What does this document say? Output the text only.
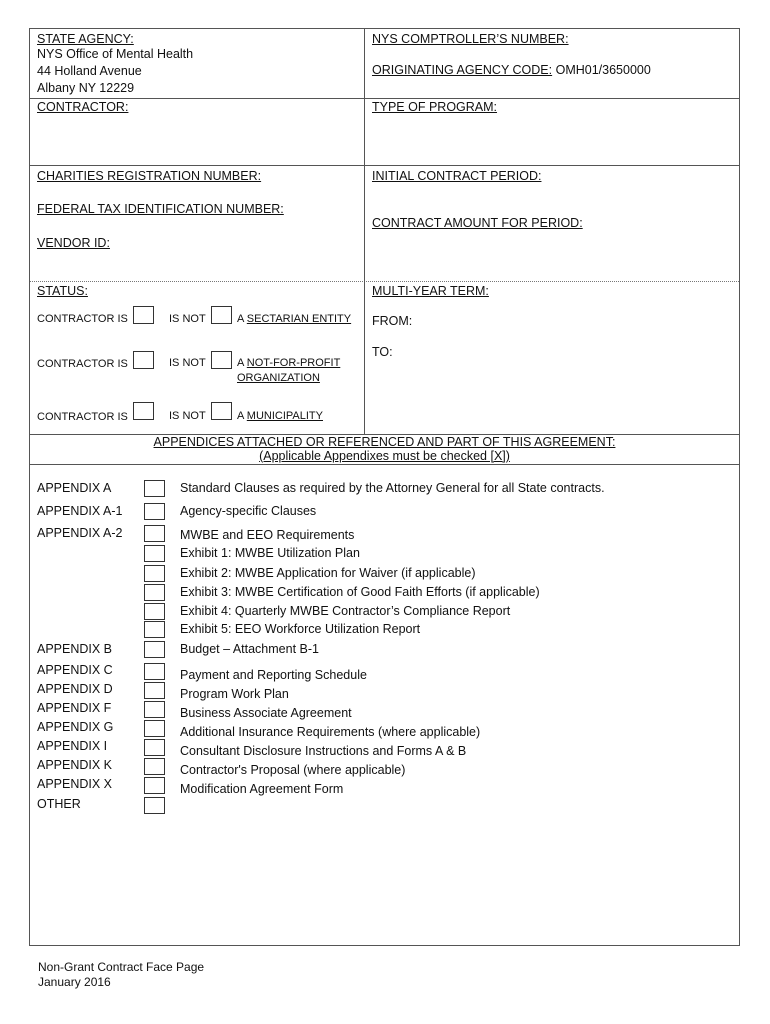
STATE AGENCY:
NYS Office of Mental Health
44 Holland Avenue
Albany NY 12229
CONTRACTOR:
NYS COMPTROLLER’S NUMBER:
ORIGINATING AGENCY CODE: OMH01/3650000
TYPE OF PROGRAM:
CHARITIES REGISTRATION NUMBER:
FEDERAL TAX IDENTIFICATION NUMBER:
VENDOR ID:
INITIAL CONTRACT PERIOD:
CONTRACT AMOUNT FOR PERIOD:
STATUS:
CONTRACTOR IS	IS NOT	A SECTARIAN ENTITY
CONTRACTOR IS	IS NOT	A NOT-FOR-PROFIT
ORGANIZATION
CONTRACTOR IS	IS NOT	A MUNICIPALITY
MULTI-YEAR TERM:
FROM:
TO:
APPENDICES ATTACHED OR REFERENCED AND PART OF THIS AGREEMENT:
(Applicable Appendixes must be checked [X])
APPENDIX A	Standard Clauses as required by the Attorney General for all State contracts.
APPENDIX A-1	Agency-specific Clauses
APPENDIX A-2	MWBE and EEO Requirements
Exhibit 1: MWBE Utilization Plan
Exhibit 2: MWBE Application for Waiver (if applicable)
Exhibit 3: MWBE Certification of Good Faith Efforts (if applicable)
Exhibit 4: Quarterly MWBE Contractor’s Compliance Report
Exhibit 5: EEO Workforce Utilization Report
APPENDIX B	Budget – Attachment B-1
APPENDIX C	Payment and Reporting Schedule
APPENDIX D	Program Work Plan
APPENDIX F	Business Associate Agreement
APPENDIX G	Additional Insurance Requirements (where applicable)
APPENDIX I	Consultant Disclosure Instructions and Forms A & B
APPENDIX K	Contractor's Proposal (where applicable)
APPENDIX X	Modification Agreement Form
OTHER
Non-Grant Contract Face Page
January 2016
